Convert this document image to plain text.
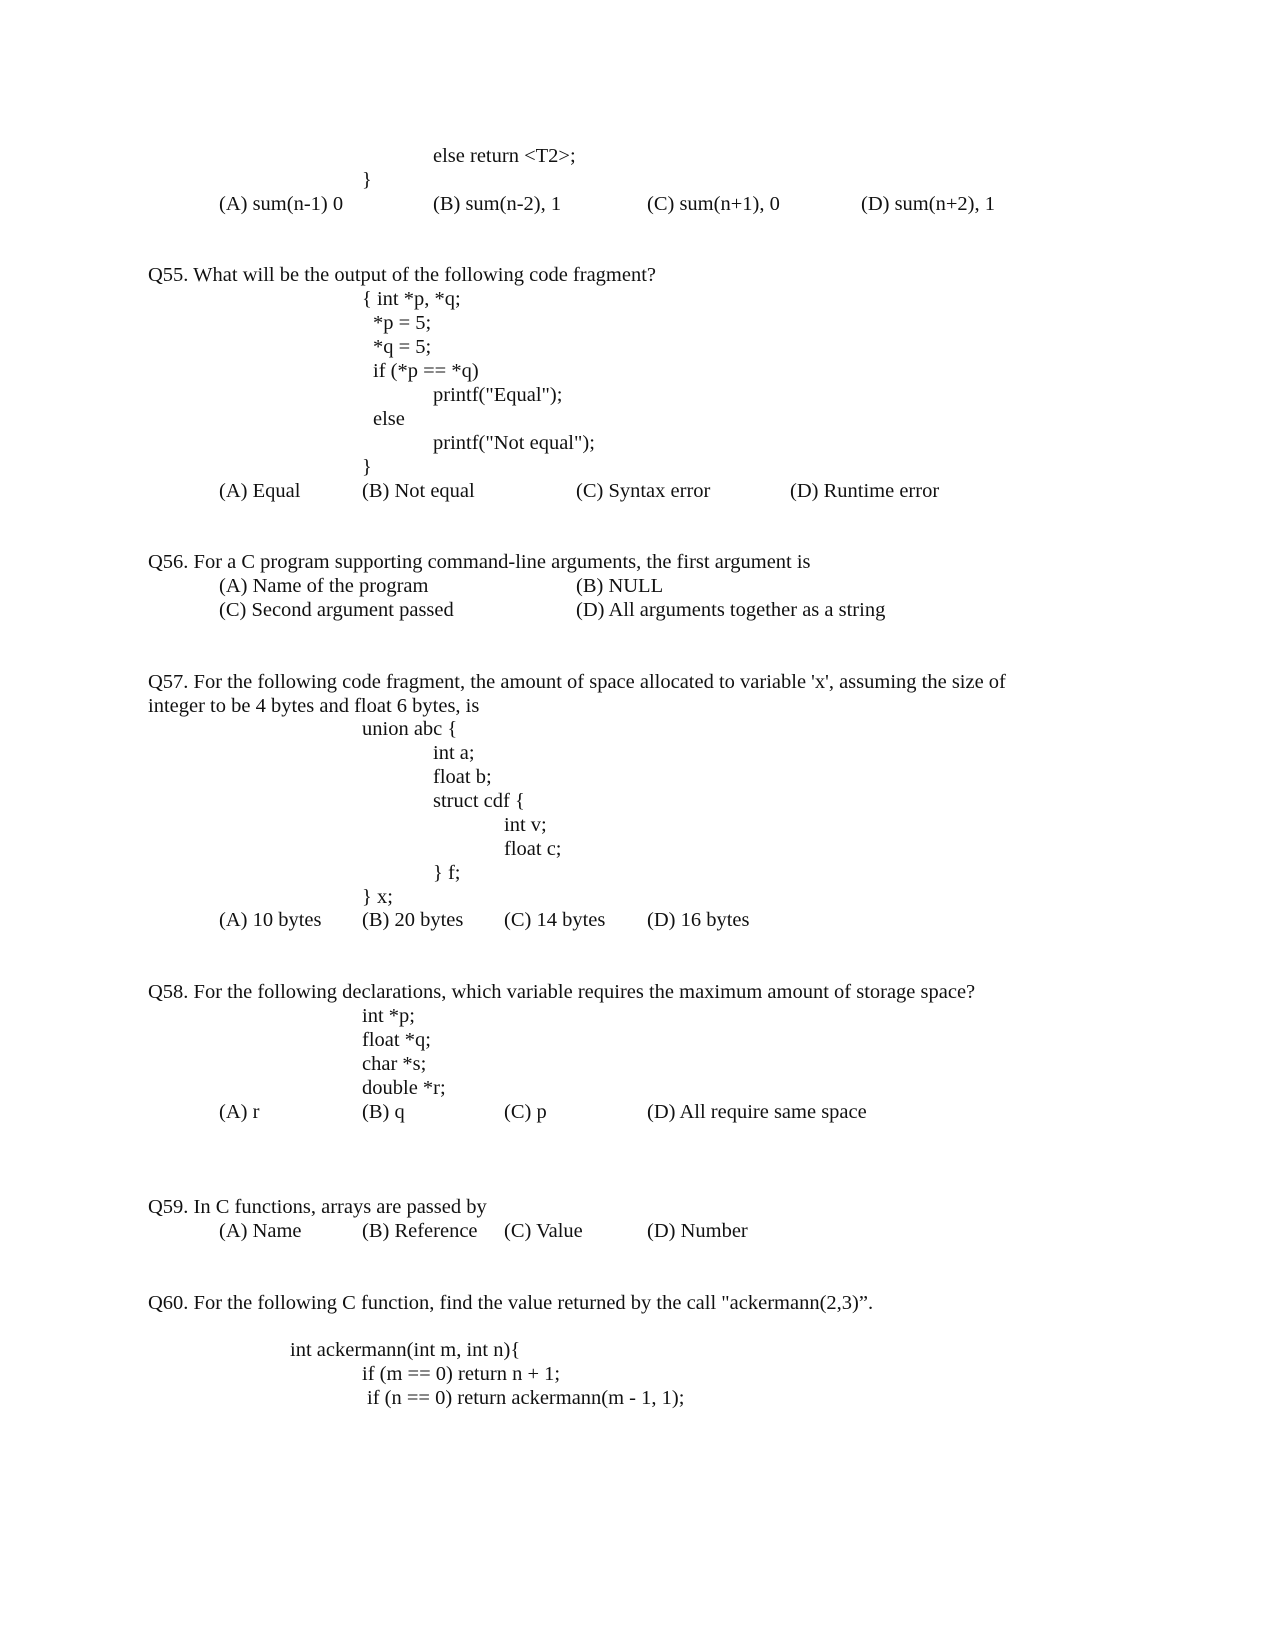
else return <T2>;
}
(A) sum(n-1) 0	(B) sum(n-2), 1	(C) sum(n+1), 0	(D) sum(n+2), 1
Q55. What will be the output of the following code fragment?
{ int *p, *q;
*p = 5;
*q = 5;
if (*p == *q)
printf("Equal");
else
printf("Not equal");
}
(A) Equal	(B) Not equal	(C) Syntax error	(D) Runtime error
Q56. For a C program supporting command-line arguments, the first argument is
(A) Name of the program	(B) NULL
(C) Second argument passed	(D) All arguments together as a string
Q57. For the following code fragment, the amount of space allocated to variable 'x', assuming the size of
integer to be 4 bytes and float 6 bytes, is
union abc {
int a;
float b;
struct cdf {
int v;
float c;
} f;
} x;
(A) 10 bytes (B) 20 bytes (C) 14 bytes (D) 16 bytes
Q58. For the following declarations, which variable requires the maximum amount of storage space?
int *p;
float *q;
char *s;
double *r;
(A) r	(B) q	(C) p	(D) All require same space
Q59. In C functions, arrays are passed by
(A) Name	(B) Reference (C) Value	(D) Number
Q60. For the following C function, find the value returned by the call "ackermann(2,3)”.
int ackermann(int m, int n){
if (m == 0) return n + 1;
if (n == 0) return ackermann(m - 1, 1);
